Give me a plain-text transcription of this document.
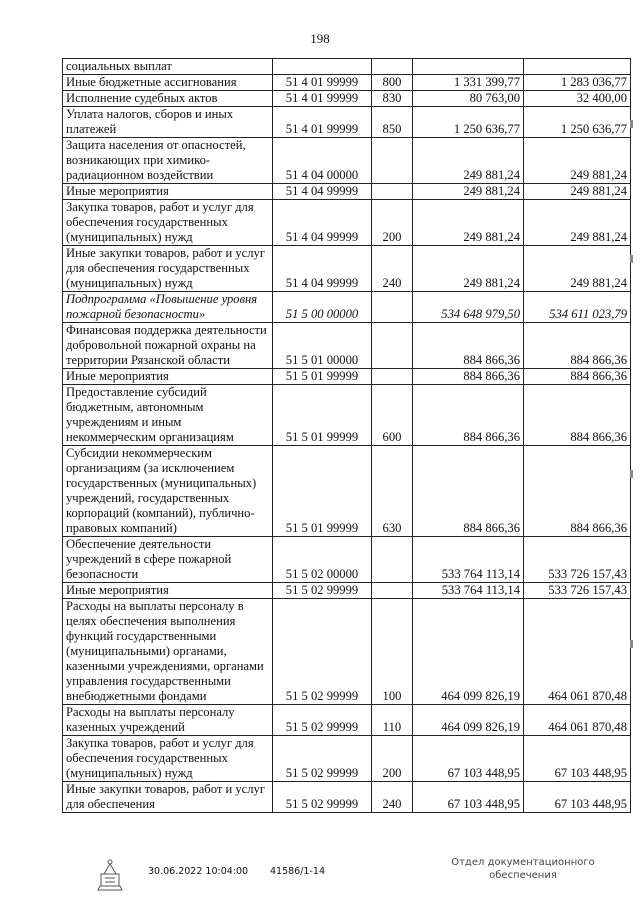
198
социальных выплат				
Иные бюджетные ассигнования	51 4 01 99999	800	1 331 399,77	1 283 036,77
Исполнение судебных актов	51 4 01 99999	830	80 763,00	32 400,00
Уплата налогов, сборов и иных платежей	51 4 01 99999	850	1 250 636,77	1 250 636,77
Защита населения от опасностей, возникающих при химико-радиационном воздействии	51 4 04 00000		249 881,24	249 881,24
Иные мероприятия	51 4 04 99999		249 881,24	249 881,24
Закупка товаров, работ и услуг для обеспечения государственных (муниципальных) нужд	51 4 04 99999	200	249 881,24	249 881,24
Иные закупки товаров, работ и услуг для обеспечения государственных (муниципальных) нужд	51 4 04 99999	240	249 881,24	249 881,24
Подпрограмма «Повышение уровня пожарной безопасности»	51 5 00 00000		534 648 979,50	534 611 023,79
Финансовая поддержка деятельности добровольной пожарной охраны на территории Рязанской области	51 5 01 00000		884 866,36	884 866,36
Иные мероприятия	51 5 01 99999		884 866,36	884 866,36
Предоставление субсидий бюджетным, автономным учреждениям и иным некоммерческим организациям	51 5 01 99999	600	884 866,36	884 866,36
Субсидии некоммерческим организациям (за исключением государственных (муниципальных) учреждений, государственных корпораций (компаний), публично-правовых компаний)	51 5 01 99999	630	884 866,36	884 866,36
Обеспечение деятельности учреждений в сфере пожарной безопасности	51 5 02 00000		533 764 113,14	533 726 157,43
Иные мероприятия	51 5 02 99999		533 764 113,14	533 726 157,43
Расходы на выплаты персоналу в целях обеспечения выполнения функций государственными (муниципальными) органами, казенными учреждениями, органами управления государственными внебюджетными фондами	51 5 02 99999	100	464 099 826,19	464 061 870,48
Расходы на выплаты персоналу казенных учреждений	51 5 02 99999	110	464 099 826,19	464 061 870,48
Закупка товаров, работ и услуг для обеспечения государственных (муниципальных) нужд	51 5 02 99999	200	67 103 448,95	67 103 448,95
Иные закупки товаров, работ и услуг для обеспечения	51 5 02 99999	240	67 103 448,95	67 103 448,95
30.06.2022 10:04:00 41586/1-14
Отдел документационного
обеспечения
